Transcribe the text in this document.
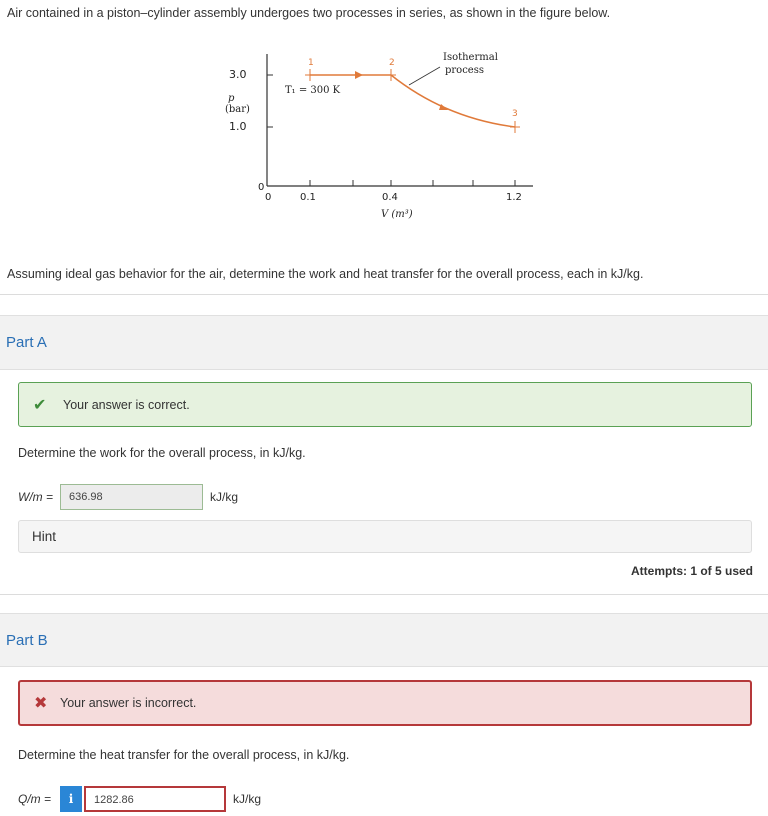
Air contained in a piston–cylinder assembly undergoes two processes in series, as shown in the figure below.
3.0
1.0
p
(bar)
0
0	0.1	0.4	1.2
V (m³)
1	2
3
T₁ = 300 K
Isothermal
process
Assuming ideal gas behavior for the air, determine the work and heat transfer for the overall process, each in kJ/kg.
Part A
✔ Your answer is correct.
Determine the work for the overall process, in kJ/kg.
W/m =	636.98	kJ/kg
Hint
Attempts: 1 of 5 used
Part B
✖ Your answer is incorrect.
Determine the heat transfer for the overall process, in kJ/kg.
Q/m =	i	1282.86	kJ/kg
